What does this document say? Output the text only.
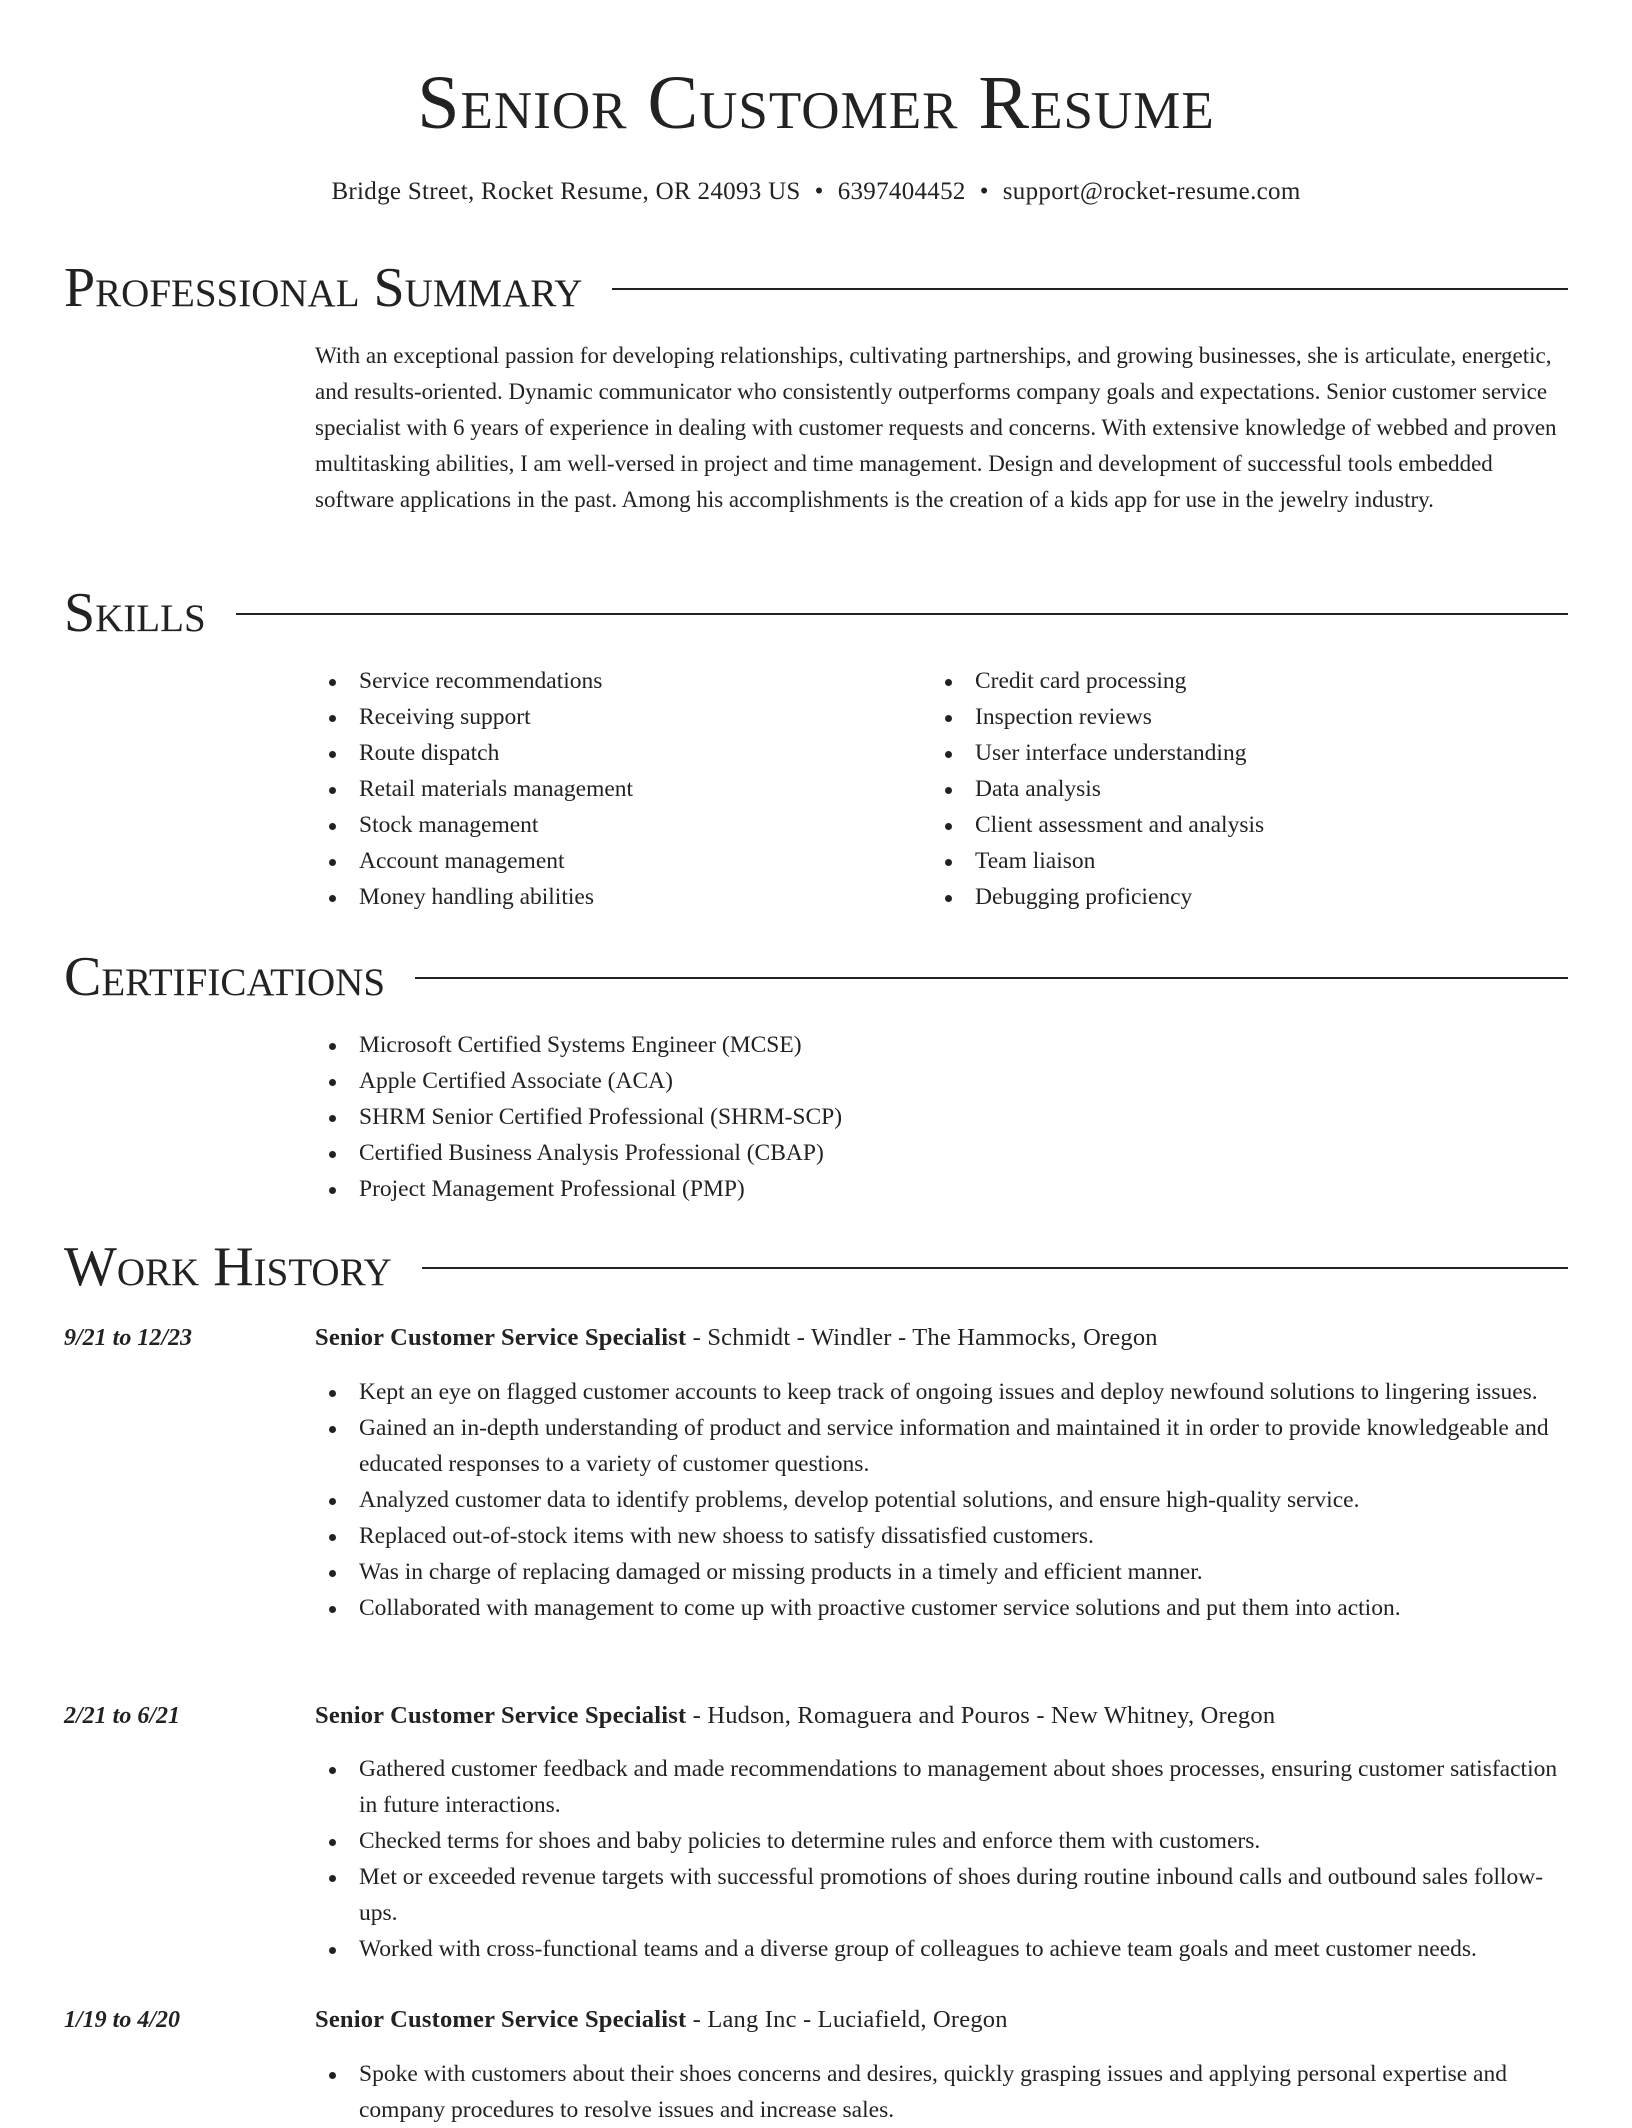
Senior Customer Resume
Bridge Street, Rocket Resume, OR 24093 US • 6397404452 • support@rocket-resume.com
Professional Summary

With an exceptional passion for developing relationships, cultivating partnerships, and growing businesses, she is articulate, energetic, and results-oriented. Dynamic communicator who consistently outperforms company goals and expectations. Senior customer service specialist with 6 years of experience in dealing with customer requests and concerns. With extensive knowledge of webbed and proven multitasking abilities, I am well-versed in project and time management. Design and development of successful tools embedded software applications in the past. Among his accomplishments is the creation of a kids app for use in the jewelry industry.

Skills
Service recommendations
Receiving support
Route dispatch
Retail materials management
Stock management
Account management
Money handling abilities
Credit card processing
Inspection reviews
User interface understanding
Data analysis
Client assessment and analysis
Team liaison
Debugging proficiency
Certifications
Microsoft Certified Systems Engineer (MCSE)
Apple Certified Associate (ACA)
SHRM Senior Certified Professional (SHRM-SCP)
Certified Business Analysis Professional (CBAP)
Project Management Professional (PMP)
Work History
9/21 to 12/23	Senior Customer Service Specialist - Schmidt - Windler - The Hammocks, Oregon
Kept an eye on flagged customer accounts to keep track of ongoing issues and deploy newfound solutions to lingering issues.
Gained an in-depth understanding of product and service information and maintained it in order to provide knowledgeable and educated responses to a variety of customer questions.
Analyzed customer data to identify problems, develop potential solutions, and ensure high-quality service.
Replaced out-of-stock items with new shoess to satisfy dissatisfied customers.
Was in charge of replacing damaged or missing products in a timely and efficient manner.
Collaborated with management to come up with proactive customer service solutions and put them into action.
2/21 to 6/21	Senior Customer Service Specialist - Hudson, Romaguera and Pouros - New Whitney, Oregon
Gathered customer feedback and made recommendations to management about shoes processes, ensuring customer satisfaction in future interactions.
Checked terms for shoes and baby policies to determine rules and enforce them with customers.
Met or exceeded revenue targets with successful promotions of shoes during routine inbound calls and outbound sales follow-ups.
Worked with cross-functional teams and a diverse group of colleagues to achieve team goals and meet customer needs.
1/19 to 4/20	Senior Customer Service Specialist - Lang Inc - Luciafield, Oregon
Spoke with customers about their shoes concerns and desires, quickly grasping issues and applying personal expertise and company procedures to resolve issues and increase sales.
